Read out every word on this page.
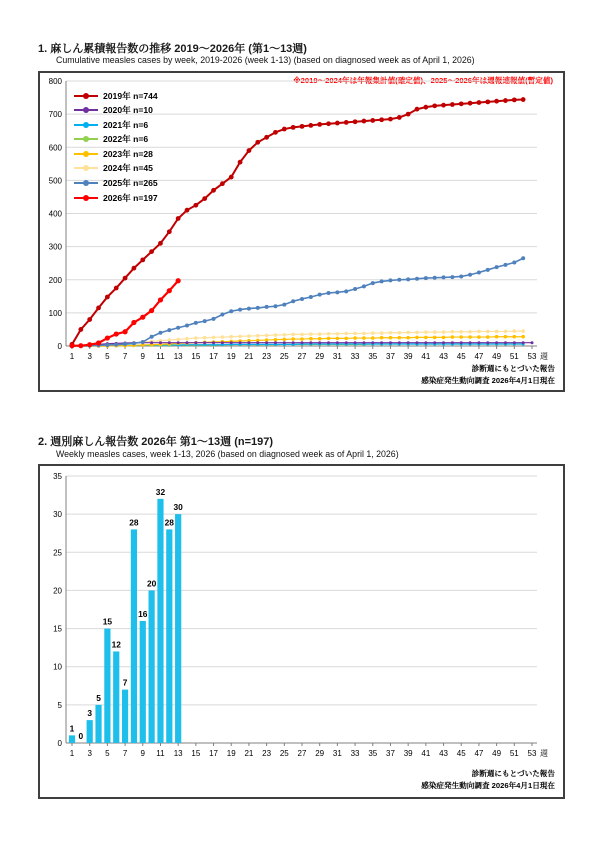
1. 麻しん累積報告数の推移 2019〜2026年 (第1〜13週)
Cumulative measles cases by week, 2019-2026 (week 1-13) (based on diagnosed week as of April 1, 2026)
※2019〜2024年は年報集計値(確定値)、2025〜2026年は週報速報値(暫定値)
0
100
200
300
400
500
600
700
800
1 3 5 7 9 11 13 15 17 19 21 23 25 27 29 31 33 35 37 39 41 43 45 47 49 51 53 週
2019年 n=744
2020年 n=10
2021年 n=6
2022年 n=6
2023年 n=28
2024年 n=45
2025年 n=265
2026年 n=197
診断週にもとづいた報告
感染症発生動向調査 2026年4月1日現在
2. 週別麻しん報告数 2026年 第1〜13週 (n=197)
Weekly measles cases, week 1-13, 2026 (based on diagnosed week as of April 1, 2026)
0
5
10
15
20
25
30
35
1 3 5 7 9 11 13 15 17 19 21 23 25 27 29 31 33 35 37 39 41 43 45 47 49 51 53 週
1
0
3
5
15
12
7
28
16
20
32
28
30
診断週にもとづいた報告
感染症発生動向調査 2026年4月1日現在
